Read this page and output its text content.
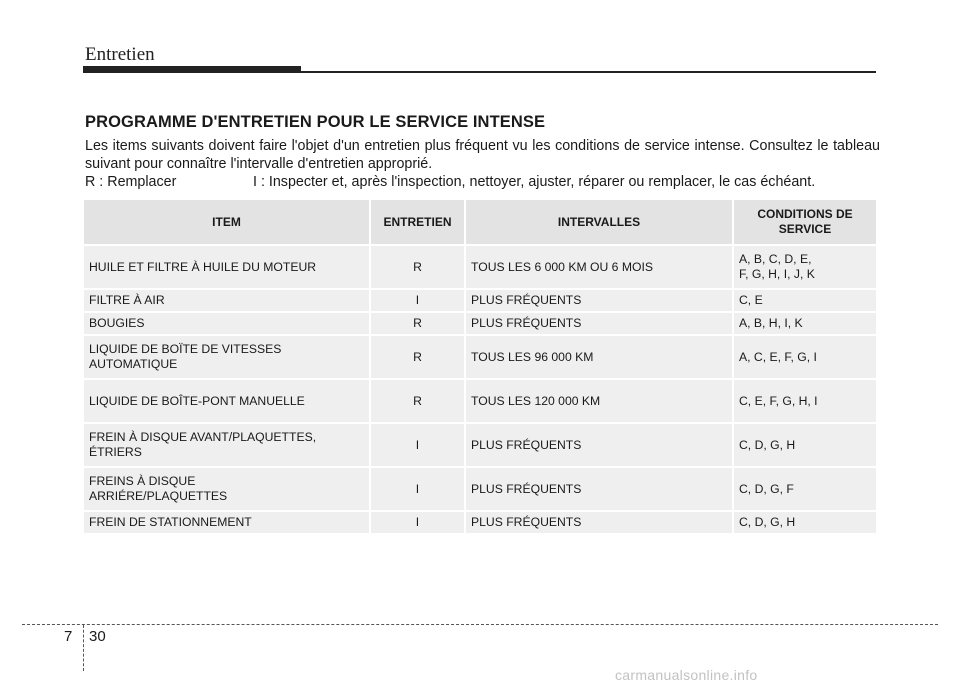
Entretien
PROGRAMME D'ENTRETIEN POUR LE SERVICE INTENSE
Les items suivants doivent faire l'objet d'un entretien plus fréquent vu les conditions de service intense. Consultez le tableau suivant pour connaître l'intervalle d'entretien approprié.
R : Remplacer	I : Inspecter et, après l'inspection, nettoyer, ajuster, réparer ou remplacer, le cas échéant.
ITEM	ENTRETIEN	INTERVALLES	CONDITIONS DE SERVICE
HUILE ET FILTRE À HUILE DU MOTEUR	R	TOUS LES 6 000 KM OU 6 MOIS	A, B, C, D, E,
F, G, H, I, J, K
FILTRE À AIR	I	PLUS FRÉQUENTS	C, E
BOUGIES	R	PLUS FRÉQUENTS	A, B, H, I, K
LIQUIDE DE BOÏTE DE VITESSES
AUTOMATIQUE	R	TOUS LES 96 000 KM	A, C, E, F, G, I
LIQUIDE DE BOÎTE-PONT MANUELLE	R	TOUS LES 120 000 KM	C, E, F, G, H, I
FREIN À DISQUE AVANT/PLAQUETTES,
ÉTRIERS	I	PLUS FRÉQUENTS	C, D, G, H
FREINS À DISQUE
ARRIÉRE/PLAQUETTES	I	PLUS FRÉQUENTS	C, D, G, F
FREIN DE STATIONNEMENT	I	PLUS FRÉQUENTS	C, D, G, H
7 30
carmanualsonline.info
